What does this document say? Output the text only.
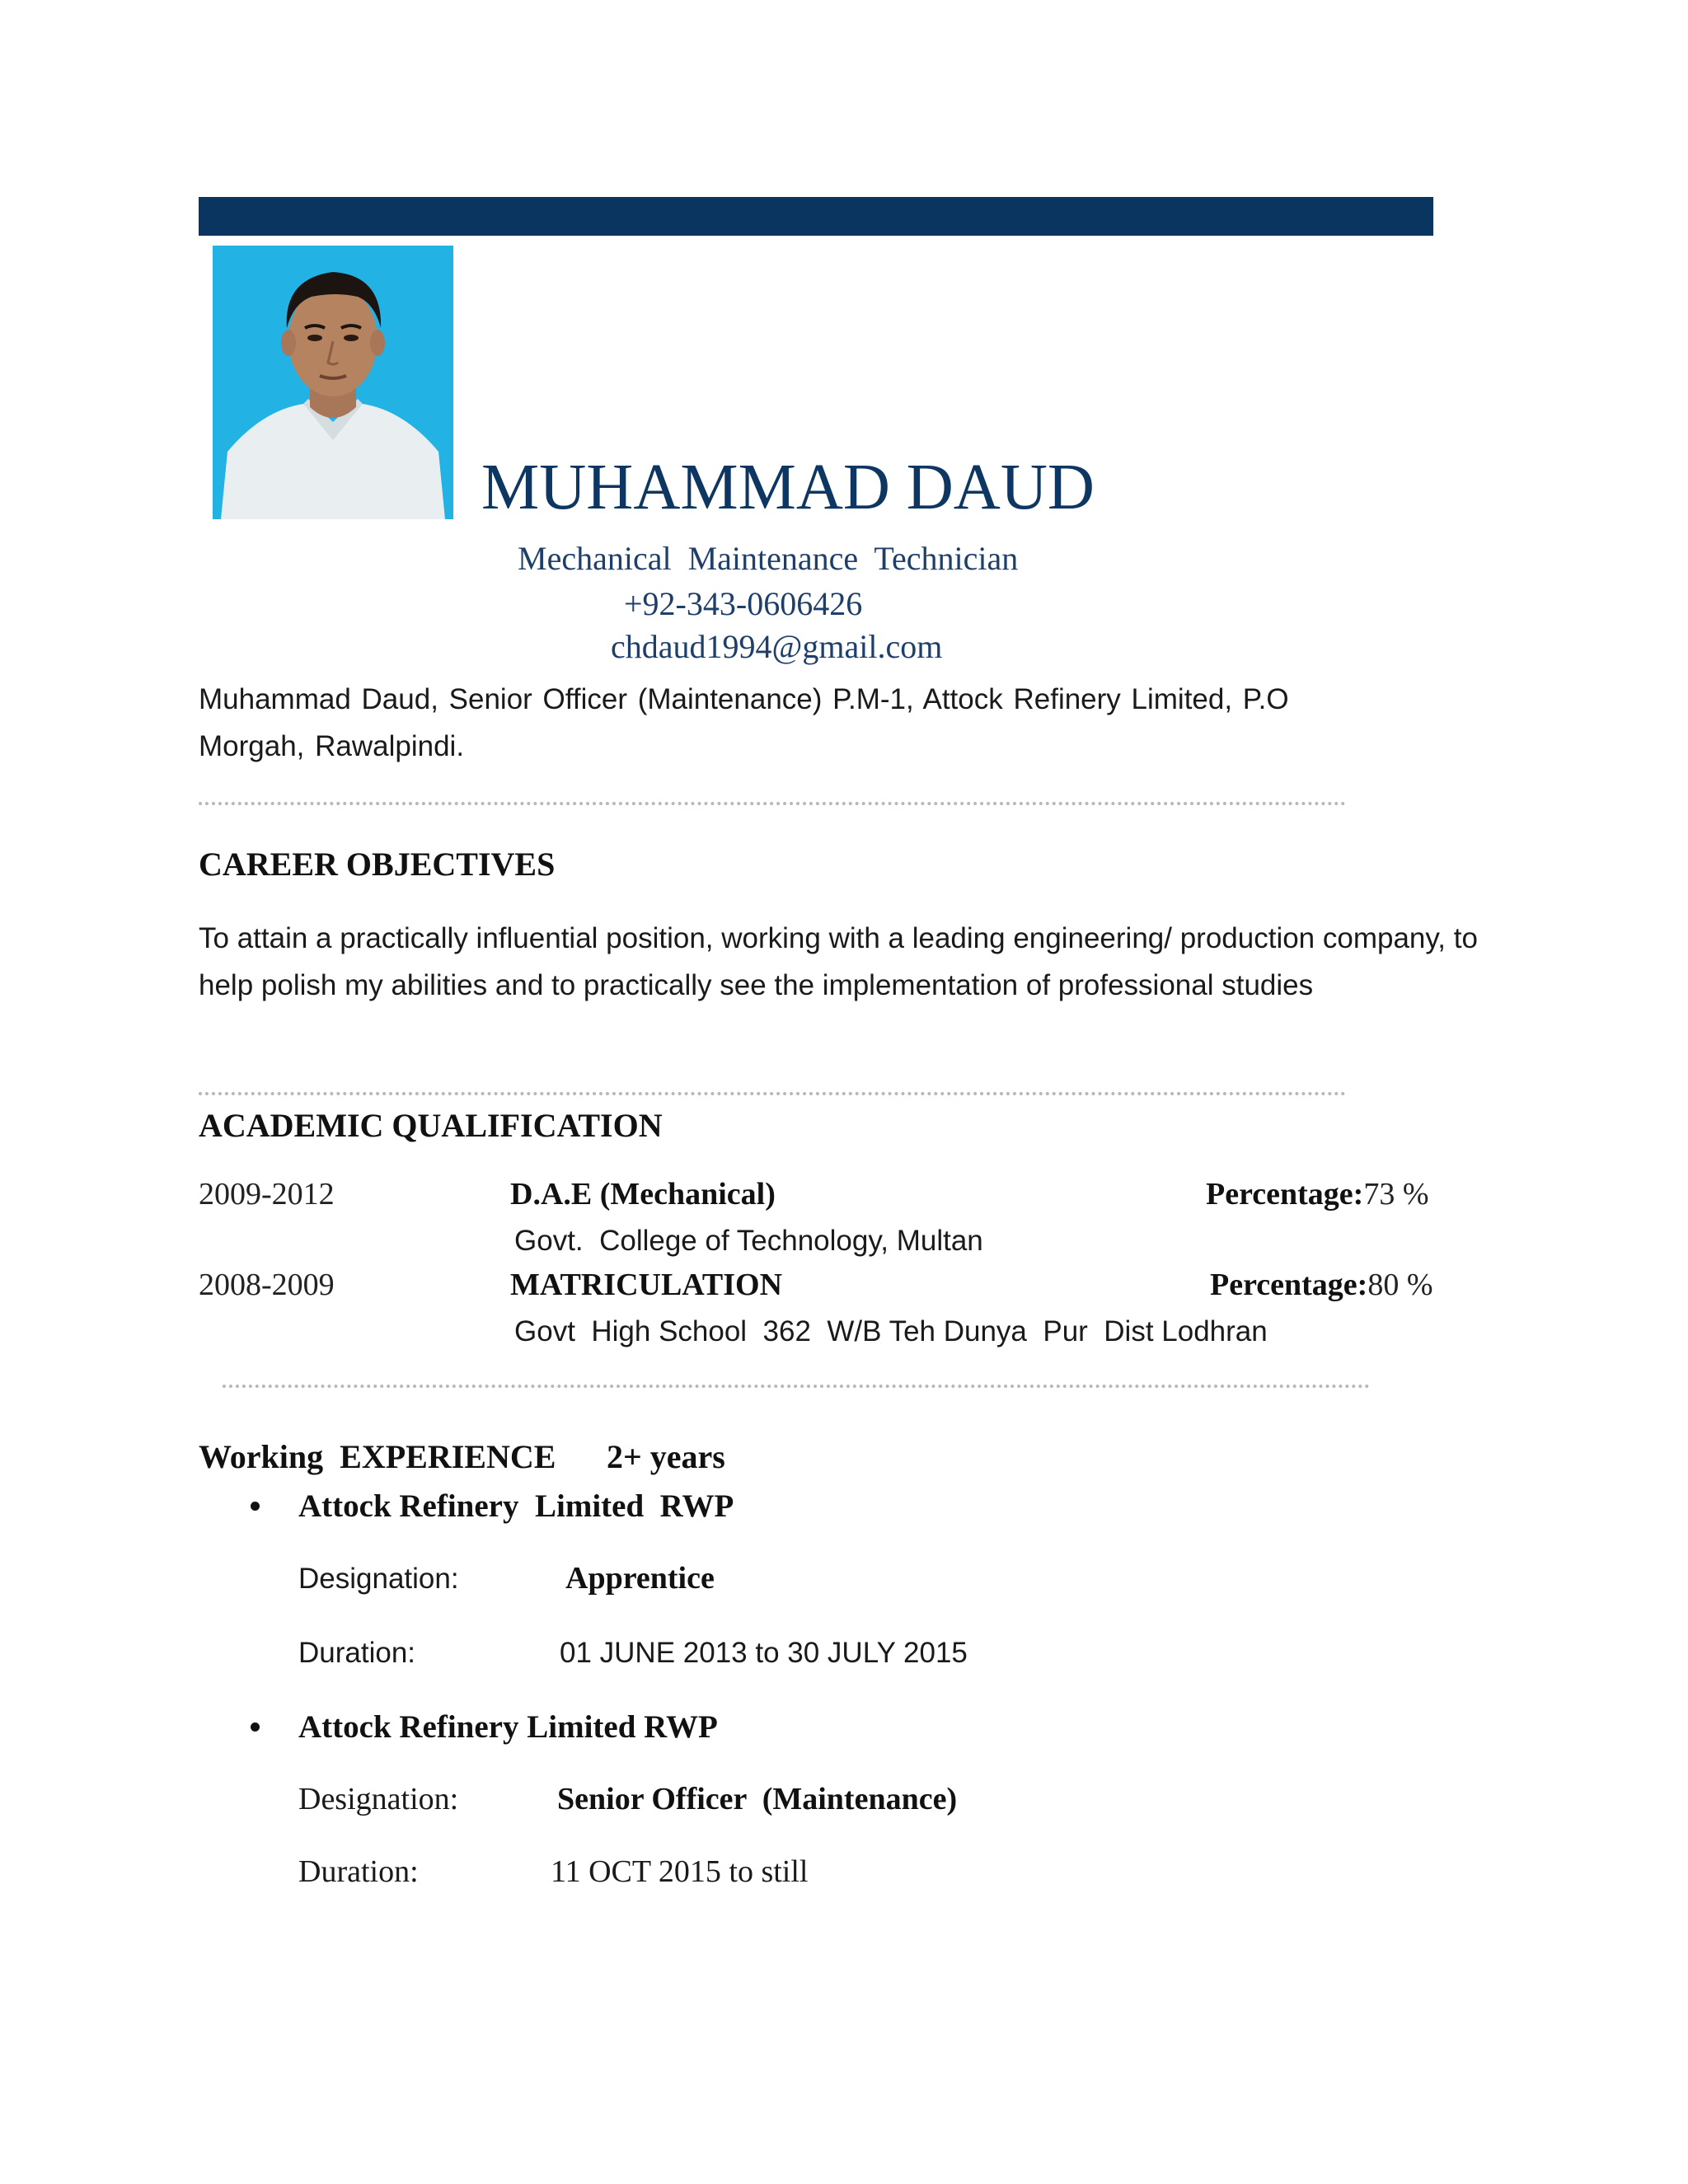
MUHAMMAD DAUD
Mechanical  Maintenance  Technician
+92-343-0606426
chdaud1994@gmail.com
Muhammad Daud, Senior Officer (Maintenance) P.M-1, Attock Refinery Limited, P.O Morgah, Rawalpindi.
CAREER OBJECTIVES
To attain a practically influential position, working with a leading engineering/ production company, to help polish my abilities and to practically see the implementation of professional studies
ACADEMIC QUALIFICATION
2009-2012	D.A.E (Mechanical)	Percentage:73 %
Govt.  College of Technology, Multan
2008-2009	MATRICULATION	Percentage:80 %
Govt  High School  362  W/B Teh Dunya  Pur  Dist Lodhran
Working  EXPERIENCE 2+ years
Attock Refinery  Limited  RWP
Designation:	Apprentice
Duration:	01 JUNE 2013 to 30 JULY 2015
Attock Refinery Limited RWP
Designation:	Senior Officer  (Maintenance)
Duration:	11 OCT 2015 to still
